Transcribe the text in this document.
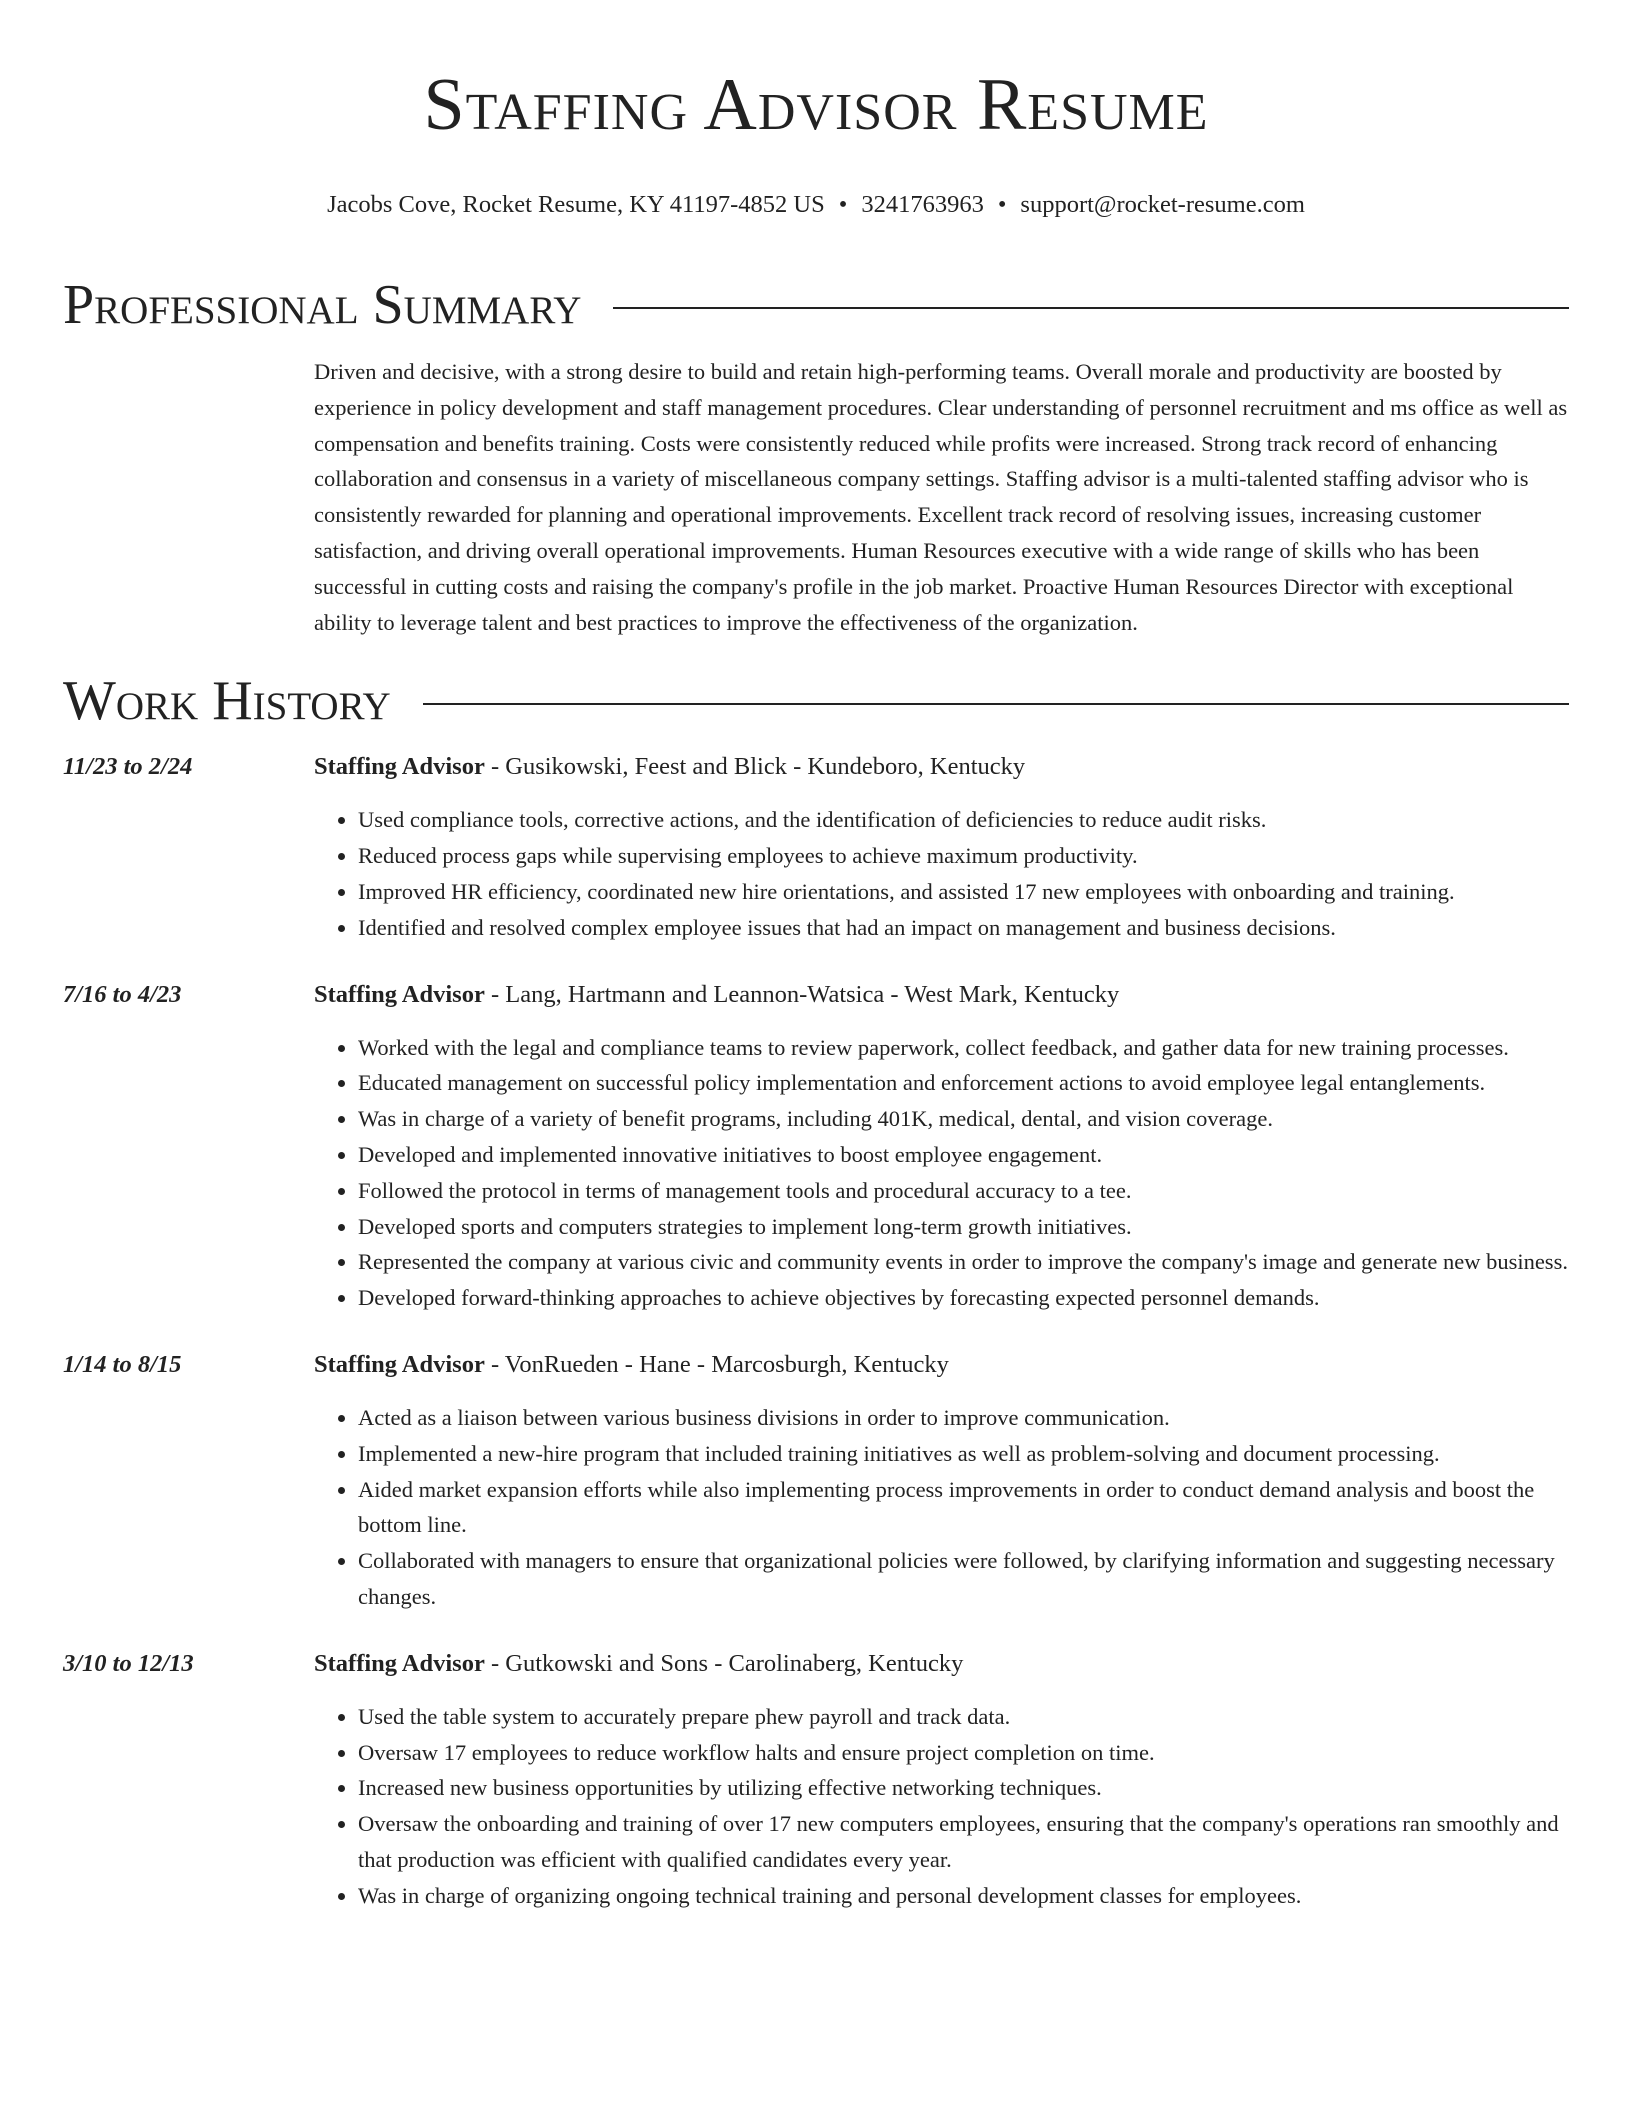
Staffing Advisor Resume
Jacobs Cove, Rocket Resume, KY 41197-4852 US • 3241763963 • support@rocket-resume.com
Professional Summary
Driven and decisive, with a strong desire to build and retain high-performing teams. Overall morale and productivity are boosted by experience in policy development and staff management procedures. Clear understanding of personnel recruitment and ms office as well as compensation and benefits training. Costs were consistently reduced while profits were increased. Strong track record of enhancing collaboration and consensus in a variety of miscellaneous company settings. Staffing advisor is a multi-talented staffing advisor who is consistently rewarded for planning and operational improvements. Excellent track record of resolving issues, increasing customer satisfaction, and driving overall operational improvements. Human Resources executive with a wide range of skills who has been successful in cutting costs and raising the company's profile in the job market. Proactive Human Resources Director with exceptional ability to leverage talent and best practices to improve the effectiveness of the organization.
Work History
11/23 to 2/24	Staffing Advisor - Gusikowski, Feest and Blick - Kundeboro, Kentucky
• Used compliance tools, corrective actions, and the identification of deficiencies to reduce audit risks.
• Reduced process gaps while supervising employees to achieve maximum productivity.
• Improved HR efficiency, coordinated new hire orientations, and assisted 17 new employees with onboarding and training.
• Identified and resolved complex employee issues that had an impact on management and business decisions.
7/16 to 4/23	Staffing Advisor - Lang, Hartmann and Leannon-Watsica - West Mark, Kentucky
• Worked with the legal and compliance teams to review paperwork, collect feedback, and gather data for new training processes.
• Educated management on successful policy implementation and enforcement actions to avoid employee legal entanglements.
• Was in charge of a variety of benefit programs, including 401K, medical, dental, and vision coverage.
• Developed and implemented innovative initiatives to boost employee engagement.
• Followed the protocol in terms of management tools and procedural accuracy to a tee.
• Developed sports and computers strategies to implement long-term growth initiatives.
• Represented the company at various civic and community events in order to improve the company's image and generate new business.
• Developed forward-thinking approaches to achieve objectives by forecasting expected personnel demands.
1/14 to 8/15	Staffing Advisor - VonRueden - Hane - Marcosburgh, Kentucky
• Acted as a liaison between various business divisions in order to improve communication.
• Implemented a new-hire program that included training initiatives as well as problem-solving and document processing.
• Aided market expansion efforts while also implementing process improvements in order to conduct demand analysis and boost the bottom line.
• Collaborated with managers to ensure that organizational policies were followed, by clarifying information and suggesting necessary changes.
3/10 to 12/13	Staffing Advisor - Gutkowski and Sons - Carolinaberg, Kentucky
• Used the table system to accurately prepare phew payroll and track data.
• Oversaw 17 employees to reduce workflow halts and ensure project completion on time.
• Increased new business opportunities by utilizing effective networking techniques.
• Oversaw the onboarding and training of over 17 new computers employees, ensuring that the company's operations ran smoothly and that production was efficient with qualified candidates every year.
• Was in charge of organizing ongoing technical training and personal development classes for employees.
